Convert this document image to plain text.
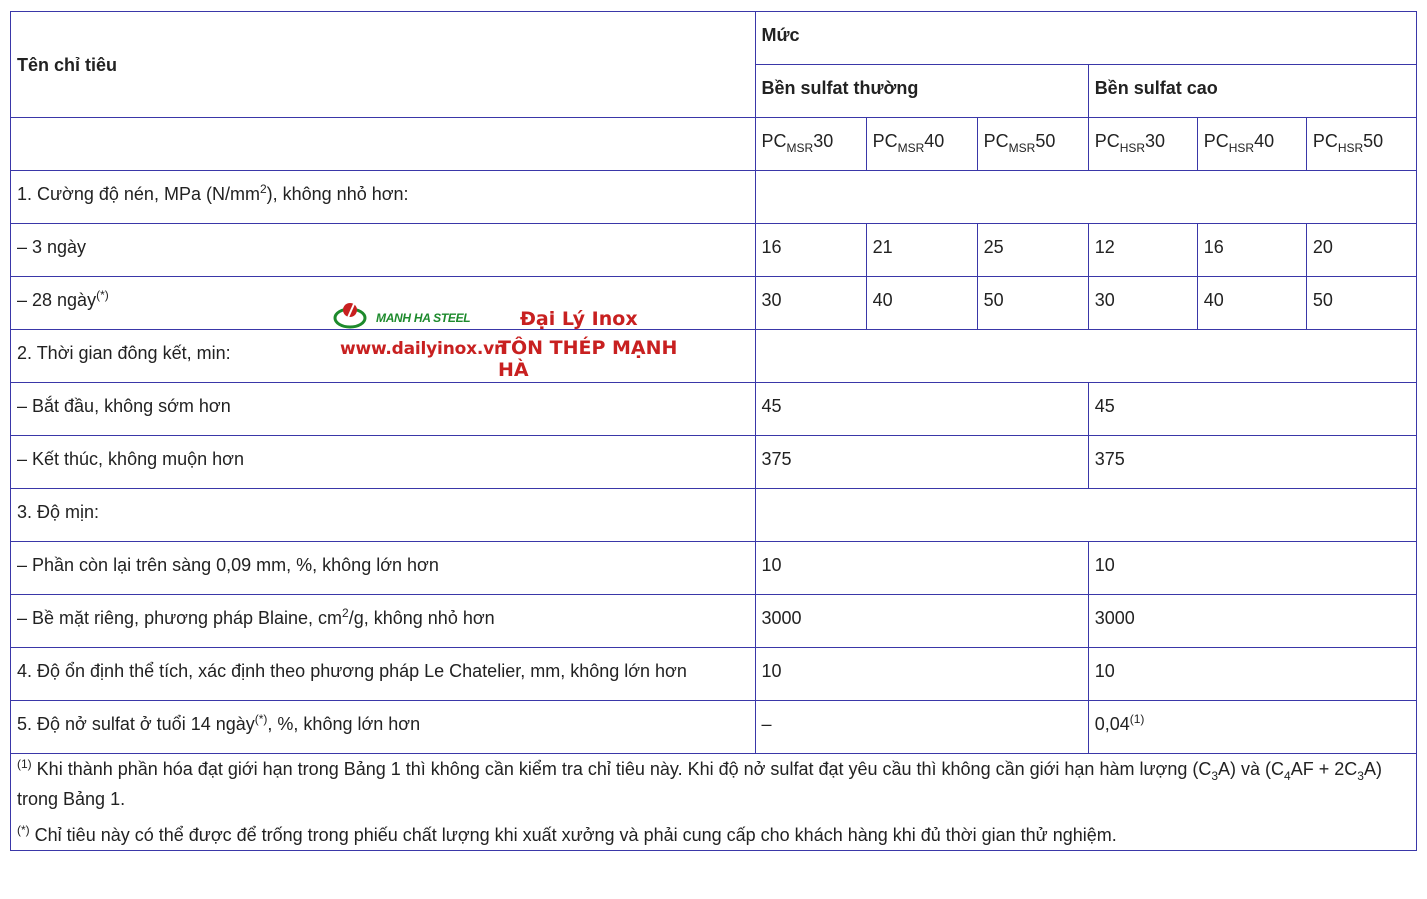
Tên chỉ tiêu	Mức					
	Bền sulfat thường			Bền sulfat cao		
	$PC_{MSR}30$	$PC_{MSR}40$	$PC_{MSR}50$	$PC_{HSR}30$	$PC_{HSR}40$	$PC_{HSR}50$
1. Cường độ nén, MPa $(N/mm^2)$, không nhỏ hơn:						
– 3 ngày	16	21	25	12	16	20
– 28 ngày(*)	30	40	50	30	40	50
2. Thời gian đông kết, min:						
– Bắt đầu, không sớm hơn	45			45		
– Kết thúc, không muộn hơn	375			375		
3. Độ mịn:						
– Phần còn lại trên sàng 0,09 mm, %, không lớn hơn	10			10		
– Bề mặt riêng, phương pháp Blaine, $cm^2/g$, không nhỏ hơn	3000			3000		
4. Độ ổn định thể tích, xác định theo phương pháp Le Chatelier, mm, không lớn hơn	10			10		
5. Độ nở sulfat ở tuổi 14 ngày(*), %, không lớn hơn	–			0,04$^{(1)}$

$^{(1)}$ Khi thành phần hóa đạt giới hạn trong Bảng 1 thì không cần kiểm tra chỉ tiêu này. Khi độ nở sulfat đạt yêu cầu thì không cần giới hạn hàm lượng $(C_3A)$ và $(C_4AF + 2C_3A)$ trong Bảng 1.

(*) Chỉ tiêu này có thể được để trống trong phiếu chất lượng khi xuất xưởng và phải cung cấp cho khách hàng khi đủ thời gian thử nghiệm.						

MANH HA STEEL
www.dailyinox.vn
Đại Lý Inox
TÔN THÉP MẠNH HÀ
